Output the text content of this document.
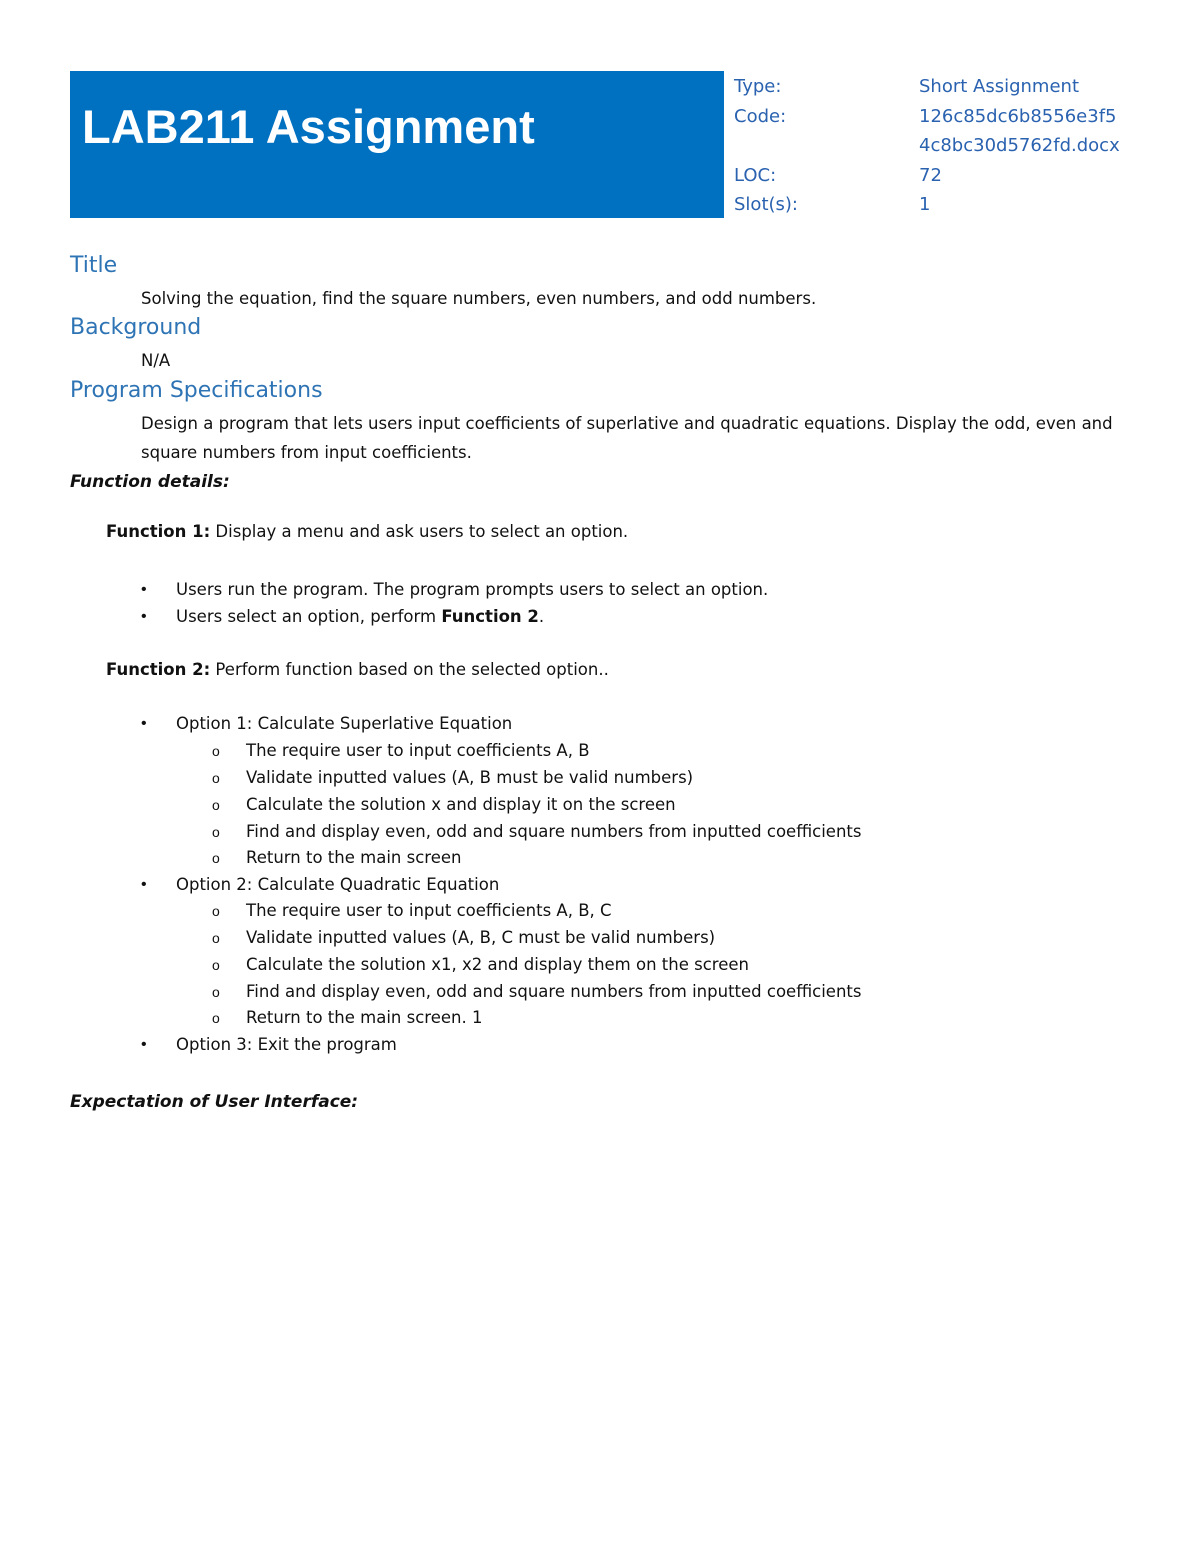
LAB211 Assignment
Type:	Short Assignment
Code:	126c85dc6b8556e3f5
4c8bc30d5762fd.docx
LOC:	72
Slot(s):	1
Title
Solving the equation, find the square numbers, even numbers, and odd numbers.
Background
N/A
Program Specifications
Design a program that lets users input coefficients of superlative and quadratic equations. Display the odd, even and square numbers from input coefficients.
Function details:
Function 1: Display a menu and ask users to select an option.
• Users run the program. The program prompts users to select an option.
• Users select an option, perform Function 2.
Function 2: Perform function based on the selected option..
• Option 1: Calculate Superlative Equation
o The require user to input coefficients A, B
o Validate inputted values (A, B must be valid numbers)
o Calculate the solution x and display it on the screen
o Find and display even, odd and square numbers from inputted coefficients
o Return to the main screen
• Option 2: Calculate Quadratic Equation
o The require user to input coefficients A, B, C
o Validate inputted values (A, B, C must be valid numbers)
o Calculate the solution x1, x2 and display them on the screen
o Find and display even, odd and square numbers from inputted coefficients
o Return to the main screen. 1
• Option 3: Exit the program
Expectation of User Interface:
